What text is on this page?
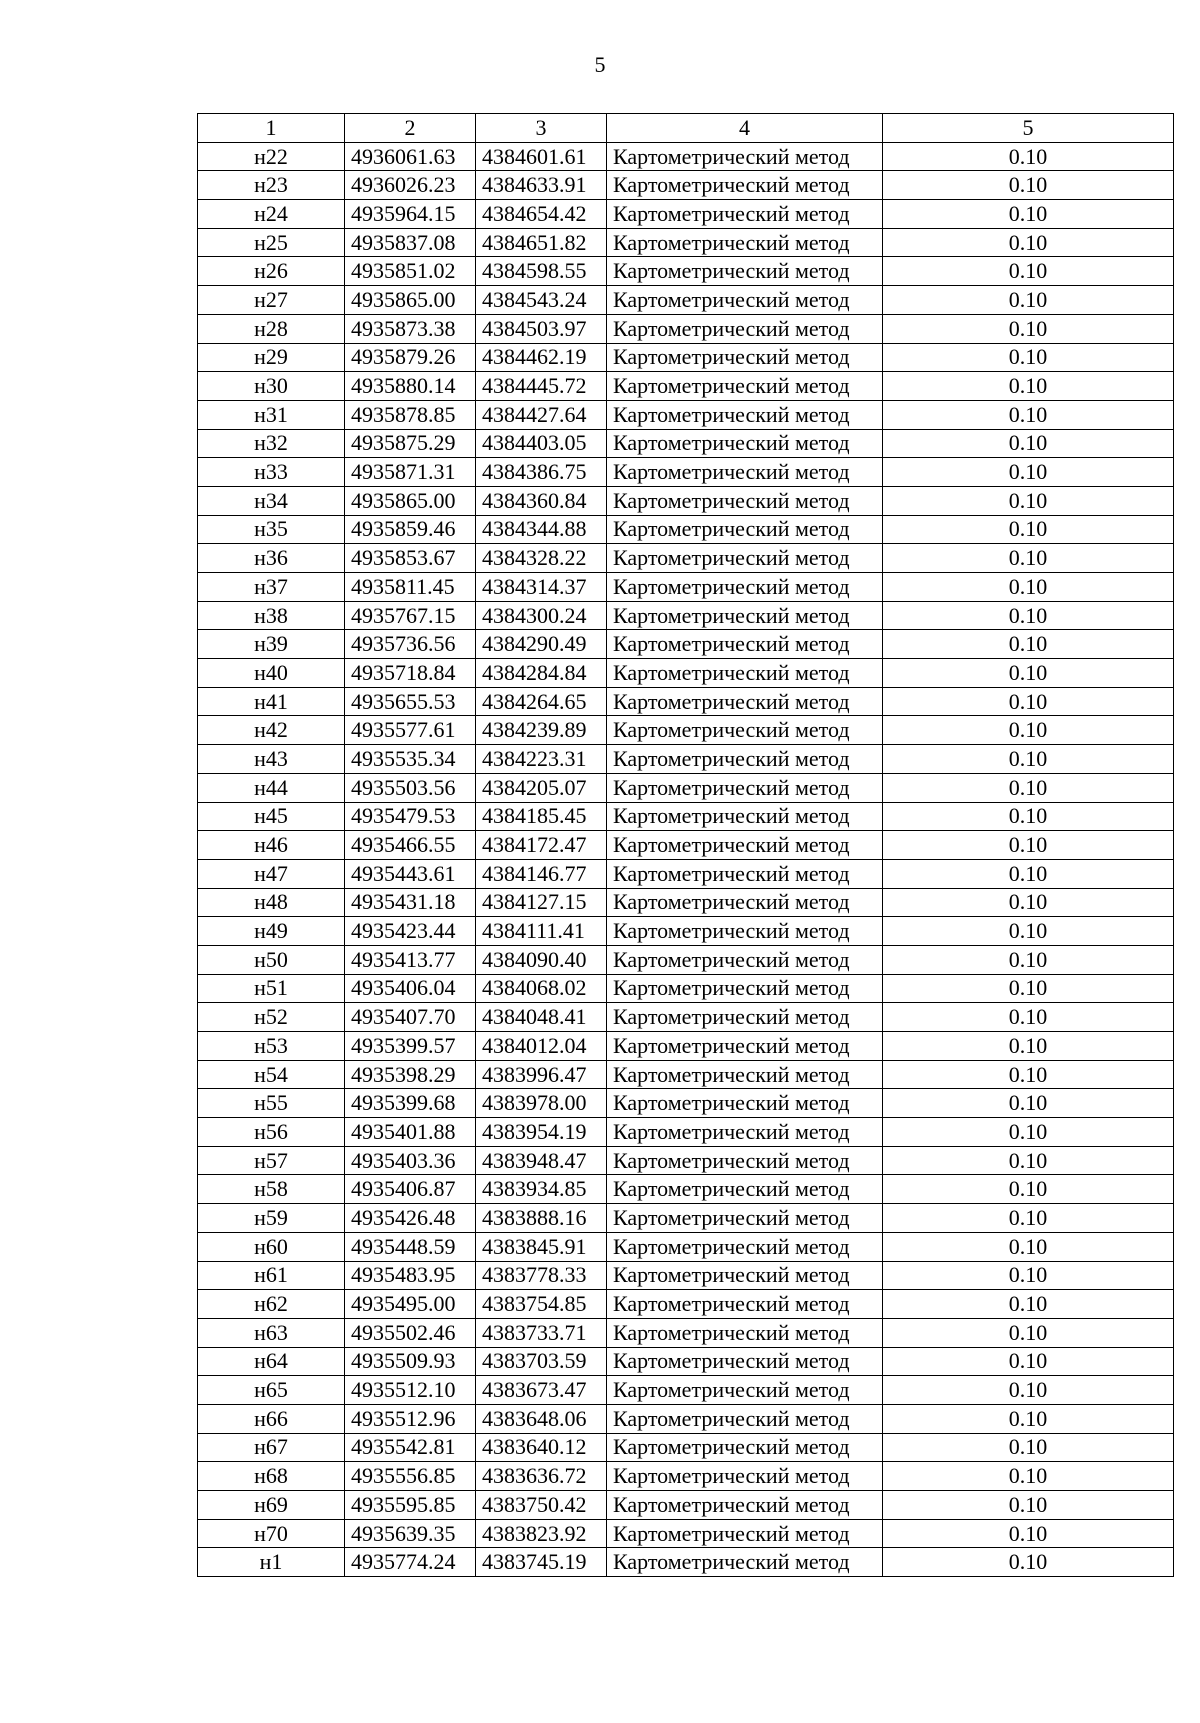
5
1	2	3	4	5
н22	4936061.63	4384601.61	Картометрический метод	0.10
н23	4936026.23	4384633.91	Картометрический метод	0.10
н24	4935964.15	4384654.42	Картометрический метод	0.10
н25	4935837.08	4384651.82	Картометрический метод	0.10
н26	4935851.02	4384598.55	Картометрический метод	0.10
н27	4935865.00	4384543.24	Картометрический метод	0.10
н28	4935873.38	4384503.97	Картометрический метод	0.10
н29	4935879.26	4384462.19	Картометрический метод	0.10
н30	4935880.14	4384445.72	Картометрический метод	0.10
н31	4935878.85	4384427.64	Картометрический метод	0.10
н32	4935875.29	4384403.05	Картометрический метод	0.10
н33	4935871.31	4384386.75	Картометрический метод	0.10
н34	4935865.00	4384360.84	Картометрический метод	0.10
н35	4935859.46	4384344.88	Картометрический метод	0.10
н36	4935853.67	4384328.22	Картометрический метод	0.10
н37	4935811.45	4384314.37	Картометрический метод	0.10
н38	4935767.15	4384300.24	Картометрический метод	0.10
н39	4935736.56	4384290.49	Картометрический метод	0.10
н40	4935718.84	4384284.84	Картометрический метод	0.10
н41	4935655.53	4384264.65	Картометрический метод	0.10
н42	4935577.61	4384239.89	Картометрический метод	0.10
н43	4935535.34	4384223.31	Картометрический метод	0.10
н44	4935503.56	4384205.07	Картометрический метод	0.10
н45	4935479.53	4384185.45	Картометрический метод	0.10
н46	4935466.55	4384172.47	Картометрический метод	0.10
н47	4935443.61	4384146.77	Картометрический метод	0.10
н48	4935431.18	4384127.15	Картометрический метод	0.10
н49	4935423.44	4384111.41	Картометрический метод	0.10
н50	4935413.77	4384090.40	Картометрический метод	0.10
н51	4935406.04	4384068.02	Картометрический метод	0.10
н52	4935407.70	4384048.41	Картометрический метод	0.10
н53	4935399.57	4384012.04	Картометрический метод	0.10
н54	4935398.29	4383996.47	Картометрический метод	0.10
н55	4935399.68	4383978.00	Картометрический метод	0.10
н56	4935401.88	4383954.19	Картометрический метод	0.10
н57	4935403.36	4383948.47	Картометрический метод	0.10
н58	4935406.87	4383934.85	Картометрический метод	0.10
н59	4935426.48	4383888.16	Картометрический метод	0.10
н60	4935448.59	4383845.91	Картометрический метод	0.10
н61	4935483.95	4383778.33	Картометрический метод	0.10
н62	4935495.00	4383754.85	Картометрический метод	0.10
н63	4935502.46	4383733.71	Картометрический метод	0.10
н64	4935509.93	4383703.59	Картометрический метод	0.10
н65	4935512.10	4383673.47	Картометрический метод	0.10
н66	4935512.96	4383648.06	Картометрический метод	0.10
н67	4935542.81	4383640.12	Картометрический метод	0.10
н68	4935556.85	4383636.72	Картометрический метод	0.10
н69	4935595.85	4383750.42	Картометрический метод	0.10
н70	4935639.35	4383823.92	Картометрический метод	0.10
н1	4935774.24	4383745.19	Картометрический метод	0.10
